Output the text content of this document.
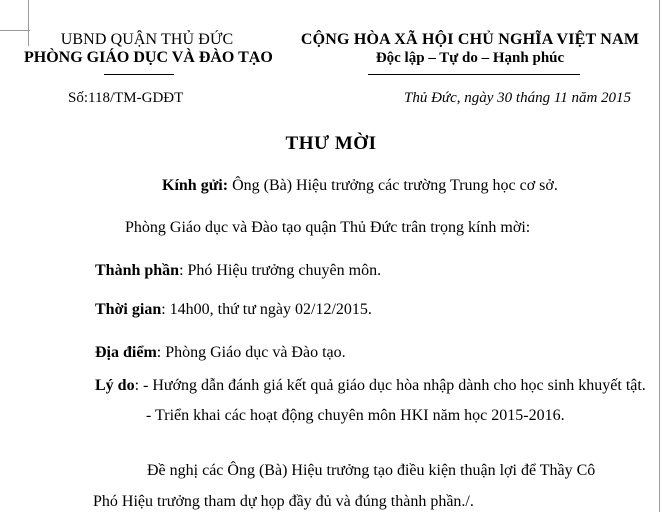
UBND QUẬN THỦ ĐỨC
PHÒNG GIÁO DỤC VÀ ĐÀO TẠO
CỘNG HÒA XÃ HỘI CHỦ NGHĨA VIỆT NAM
Độc lập – Tự do – Hạnh phúc
Số:118/TM-GDĐT	Thủ Đức, ngày 30 tháng 11 năm 2015
THƯ MỜI
Kính gửi: Ông (Bà) Hiệu trưởng các trường Trung học cơ sở.
Phòng Giáo dục và Đào tạo quận Thủ Đức trân trọng kính mời:
Thành phần: Phó Hiệu trưởng chuyên môn.
Thời gian: 14h00, thứ tư ngày 02/12/2015.
Địa điểm: Phòng Giáo dục và Đào tạo.
Lý do: - Hướng dẫn đánh giá kết quả giáo dục hòa nhập dành cho học sinh khuyết tật.
- Triển khai các hoạt động chuyên môn HKI năm học 2015-2016.
Đề nghị các Ông (Bà) Hiệu trưởng tạo điều kiện thuận lợi để Thầy Cô
Phó Hiệu trưởng tham dự họp đầy đủ và đúng thành phần./.
